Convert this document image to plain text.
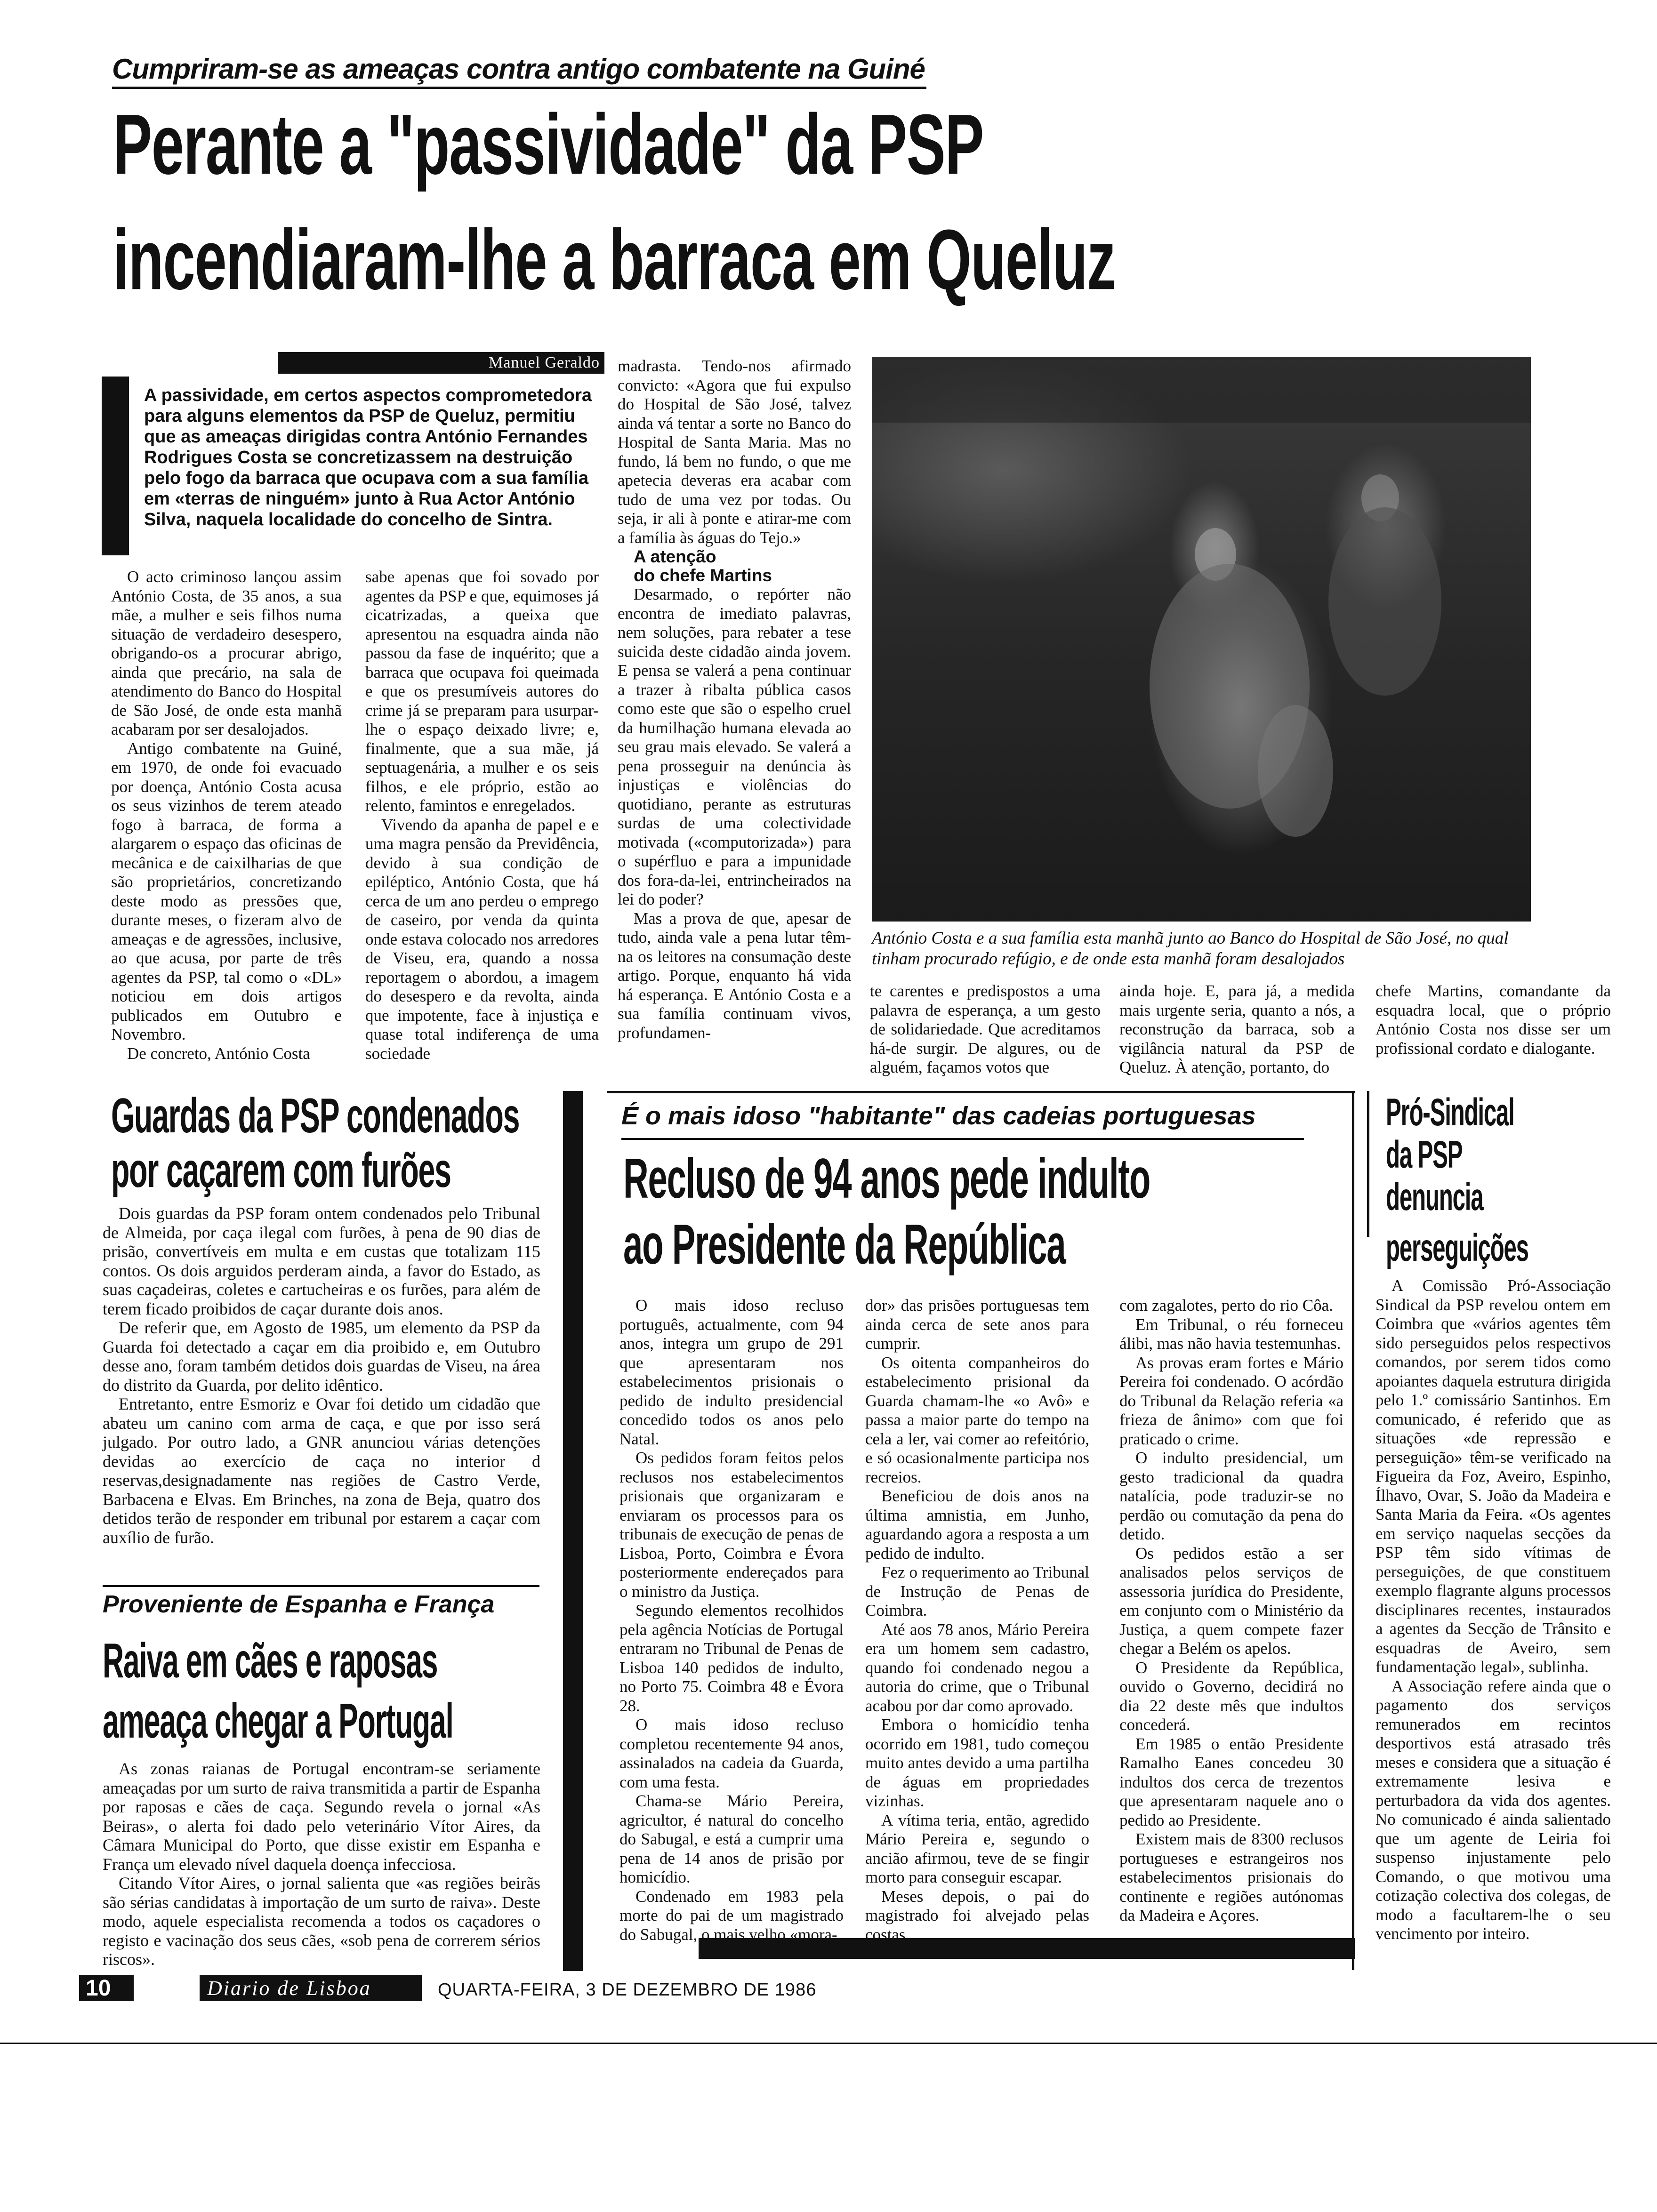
Cumpriram-se as ameaças contra antigo combatente na Guiné
Perante a "passividade" da PSP
incendiaram-lhe a barraca em Queluz
Manuel Geraldo
I

A passividade, em certos aspectos comprometedora para alguns elementos da PSP de Queluz, permitiu que as ameaças dirigidas contra António Fernandes Rodrigues Costa se concretizassem na destruição pelo fogo da barraca que ocupava com a sua família em «terras de ninguém» junto à Rua Actor António Silva, naquela localidade do concelho de Sintra.

O acto criminoso lançou assim António Costa, de 35 anos, a sua mãe, a mulher e seis filhos numa situação de verdadeiro desespero, obrigando-os a procurar abrigo, ainda que precário, na sala de atendimento do Banco do Hospital de São José, de onde esta manhã acabaram por ser desalojados.

Antigo combatente na Guiné, em 1970, de onde foi evacuado por doença, António Costa acusa os seus vizinhos de terem ateado fogo à barraca, de forma a alargarem o espaço das oficinas de mecânica e de caixilharias de que são proprietários, concretizando deste modo as pressões que, durante meses, o fizeram alvo de ameaças e de agressões, inclusive, ao que acusa, por parte de três agentes da PSP, tal como o «DL» noticiou em dois artigos publicados em Outubro e Novembro.

De concreto, António Costa

sabe apenas que foi sovado por agentes da PSP e que, equimoses já cicatrizadas, a queixa que apresentou na esquadra ainda não passou da fase de inquérito; que a barraca que ocupava foi queimada e que os presumíveis autores do crime já se preparam para usurpar-lhe o espaço deixado livre; e, finalmente, que a sua mãe, já septuagenária, a mulher e os seis filhos, e ele próprio, estão ao relento, famintos e enregelados.

Vivendo da apanha de papel e e uma magra pensão da Previdência, devido à sua condição de epiléptico, António Costa, que há cerca de um ano perdeu o emprego de caseiro, por venda da quinta onde estava colocado nos arredores de Viseu, era, quando a nossa reportagem o abordou, a imagem do desespero e da revolta, ainda que impotente, face à injustiça e quase total indiferença de uma sociedade

madrasta. Tendo-nos afirmado convicto: «Agora que fui expulso do Hospital de São José, talvez ainda vá tentar a sorte no Banco do Hospital de Santa Maria. Mas no fundo, lá bem no fundo, o que me apetecia deveras era acabar com tudo de uma vez por todas. Ou seja, ir ali à ponte e atirar-me com a família às águas do Tejo.»

A atenção

do chefe Martins

Desarmado, o repórter não encontra de imediato palavras, nem soluções, para rebater a tese suicida deste cidadão ainda jovem. E pensa se valerá a pena continuar a trazer à ribalta pública casos como este que são o espelho cruel da humilhação humana elevada ao seu grau mais elevado. Se valerá a pena prosseguir na denúncia às injustiças e violências do quotidiano, perante as estruturas surdas de uma colectividade motivada («computorizada») para o supérfluo e para a impunidade dos fora-da-lei, entrincheirados na lei do poder?

Mas a prova de que, apesar de tudo, ainda vale a pena lutar têm-na os leitores na consumação deste artigo. Porque, enquanto há vida há esperança. E António Costa e a sua família continuam vivos, profundamen-

António Costa e a sua família esta manhã junto ao Banco do Hospital de São José, no qual tinham procurado refúgio, e de onde esta manhã foram desalojados

te carentes e predispostos a uma palavra de esperança, a um gesto de solidariedade. Que acreditamos há-de surgir. De algures, ou de alguém, façamos votos que

ainda hoje. E, para já, a medida mais urgente seria, quanto a nós, a reconstrução da barraca, sob a vigilância natural da PSP de Queluz. À atenção, portanto, do

chefe Martins, comandante da esquadra local, que o próprio António Costa nos disse ser um profissional cordato e dialogante.

Guardas da PSP condenados
por caçarem com furões

Dois guardas da PSP foram ontem condenados pelo Tribunal de Almeida, por caça ilegal com furões, à pena de 90 dias de prisão, convertíveis em multa e em custas que totalizam 115 contos. Os dois arguidos perderam ainda, a favor do Estado, as suas caçadeiras, coletes e cartucheiras e os furões, para além de terem ficado proibidos de caçar durante dois anos.

De referir que, em Agosto de 1985, um elemento da PSP da Guarda foi detectado a caçar em dia proibido e, em Outubro desse ano, foram também detidos dois guardas de Viseu, na área do distrito da Guarda, por delito idêntico.

Entretanto, entre Esmoriz e Ovar foi detido um cidadão que abateu um canino com arma de caça, e que por isso será julgado. Por outro lado, a GNR anunciou várias detenções devidas ao exercício de caça no interior d reservas,designadamente nas regiões de Castro Verde, Barbacena e Elvas. Em Brinches, na zona de Beja, quatro dos detidos terão de responder em tribunal por estarem a caçar com auxílio de furão.

Proveniente de Espanha e França
Raiva em cães e raposas
ameaça chegar a Portugal

As zonas raianas de Portugal encontram-se seriamente ameaçadas por um surto de raiva transmitida a partir de Espanha por raposas e cães de caça. Segundo revela o jornal «As Beiras», o alerta foi dado pelo veterinário Vítor Aires, da Câmara Municipal do Porto, que disse existir em Espanha e França um elevado nível daquela doença infecciosa.

Citando Vítor Aires, o jornal salienta que «as regiões beirãs são sérias candidatas à importação de um surto de raiva». Deste modo, aquele especialista recomenda a todos os caçadores o registo e vacinação dos seus cães, «sob pena de correrem sérios riscos».

É o mais idoso "habitante" das cadeias portuguesas
Recluso de 94 anos pede indulto
ao Presidente da República

O mais idoso recluso português, actualmente, com 94 anos, integra um grupo de 291 que apresentaram nos estabelecimentos prisionais o pedido de indulto presidencial concedido todos os anos pelo Natal.

Os pedidos foram feitos pelos reclusos nos estabelecimentos prisionais que organizaram e enviaram os processos para os tribunais de execução de penas de Lisboa, Porto, Coimbra e Évora posteriormente endereçados para o ministro da Justiça.

Segundo elementos recolhidos pela agência Notícias de Portugal entraram no Tribunal de Penas de Lisboa 140 pedidos de indulto, no Porto 75. Coimbra 48 e Évora 28.

O mais idoso recluso completou recentemente 94 anos, assinalados na cadeia da Guarda, com uma festa.

Chama-se Mário Pereira, agricultor, é natural do concelho do Sabugal, e está a cumprir uma pena de 14 anos de prisão por homicídio.

Condenado em 1983 pela morte do pai de um magistrado do Sabugal, o mais velho «mora-

dor» das prisões portuguesas tem ainda cerca de sete anos para cumprir.

Os oitenta companheiros do estabelecimento prisional da Guarda chamam-lhe «o Avô» e passa a maior parte do tempo na cela a ler, vai comer ao refeitório, e só ocasionalmente participa nos recreios.

Beneficiou de dois anos na última amnistia, em Junho, aguardando agora a resposta a um pedido de indulto.

Fez o requerimento ao Tribunal de Instrução de Penas de Coimbra.

Até aos 78 anos, Mário Pereira era um homem sem cadastro, quando foi condenado negou a autoria do crime, que o Tribunal acabou por dar como aprovado.

Embora o homicídio tenha ocorrido em 1981, tudo começou muito antes devido a uma partilha de águas em propriedades vizinhas.

A vítima teria, então, agredido Mário Pereira e, segundo o ancião afirmou, teve de se fingir morto para conseguir escapar.

Meses depois, o pai do magistrado foi alvejado pelas costas,

com zagalotes, perto do rio Côa.

Em Tribunal, o réu forneceu álibi, mas não havia testemunhas.

As provas eram fortes e Mário Pereira foi condenado. O acórdão do Tribunal da Relação referia «a frieza de ânimo» com que foi praticado o crime.

O indulto presidencial, um gesto tradicional da quadra natalícia, pode traduzir-se no perdão ou comutação da pena do detido.

Os pedidos estão a ser analisados pelos serviços de assessoria jurídica do Presidente, em conjunto com o Ministério da Justiça, a quem compete fazer chegar a Belém os apelos.

O Presidente da República, ouvido o Governo, decidirá no dia 22 deste mês que indultos concederá.

Em 1985 o então Presidente Ramalho Eanes concedeu 30 indultos dos cerca de trezentos que apresentaram naquele ano o pedido ao Presidente.

Existem mais de 8300 reclusos portugueses e estrangeiros nos estabelecimentos prisionais do continente e regiões autónomas da Madeira e Açores.

Pró-Sindical
da PSP
denuncia
perseguições

A Comissão Pró-Associação Sindical da PSP revelou ontem em Coimbra que «vários agentes têm sido perseguidos pelos respectivos comandos, por serem tidos como apoiantes daquela estrutura dirigida pelo 1.º comissário Santinhos. Em comunicado, é referido que as situações «de repressão e perseguição» têm-se verificado na Figueira da Foz, Aveiro, Espinho, Ílhavo, Ovar, S. João da Madeira e Santa Maria da Feira. «Os agentes em serviço naquelas secções da PSP têm sido vítimas de perseguições, de que constituem exemplo flagrante alguns processos disciplinares recentes, instaurados a agentes da Secção de Trânsito e esquadras de Aveiro, sem fundamentação legal», sublinha.

A Associação refere ainda que o pagamento dos serviços remunerados em recintos desportivos está atrasado três meses e considera que a situação é extremamente lesiva e perturbadora da vida dos agentes. No comunicado é ainda salientado que um agente de Leiria foi suspenso injustamente pelo Comando, o que motivou uma cotização colectiva dos colegas, de modo a facultarem-lhe o seu vencimento por inteiro.

10	Diario de Lisboa	QUARTA-FEIRA, 3 DE DEZEMBRO DE 1986
